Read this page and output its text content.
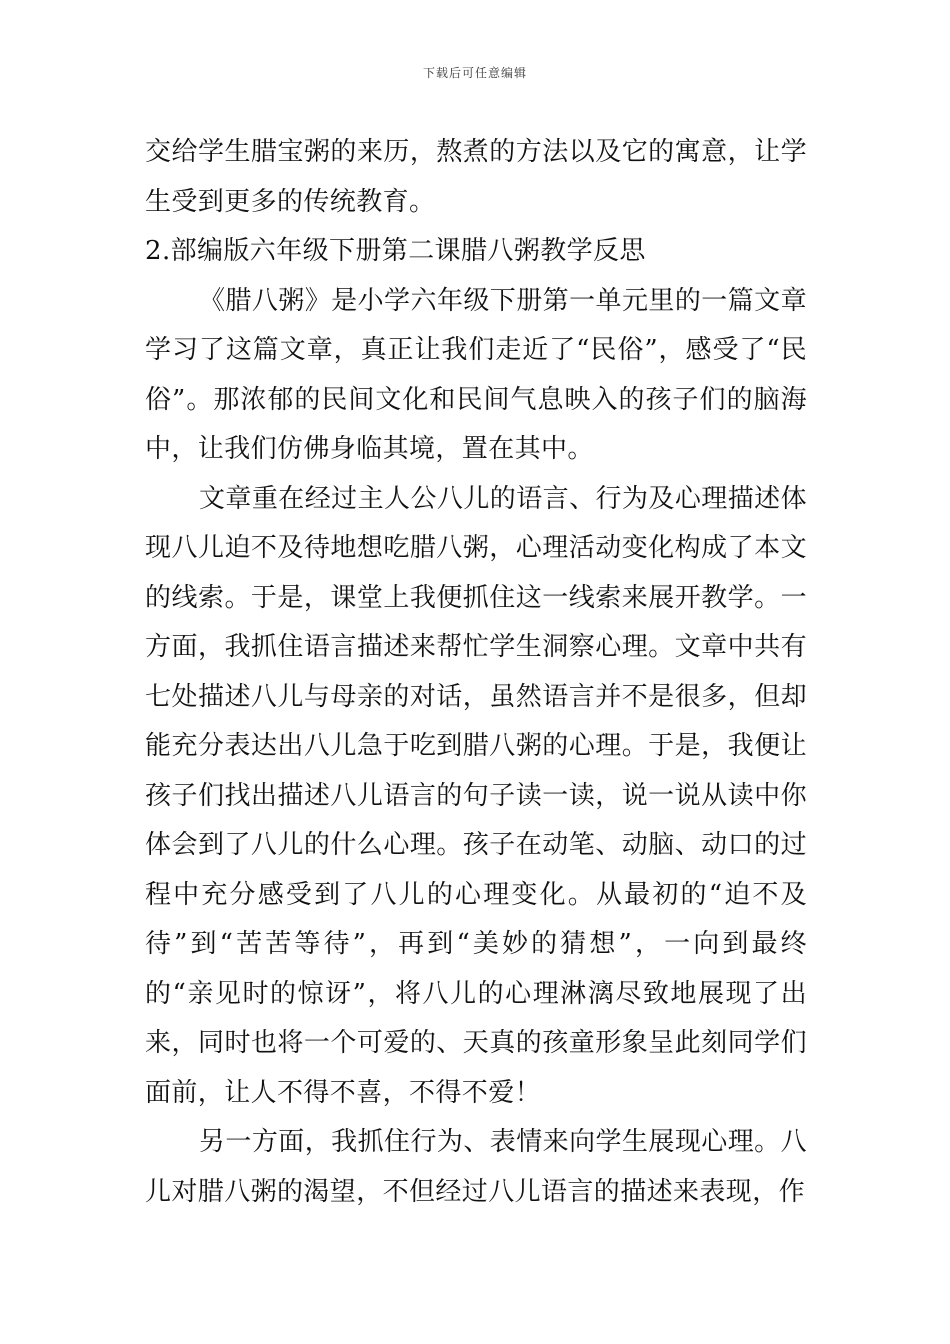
下载后可任意编辑

交给学生腊宝粥的来历，熬煮的方法以及它的寓意，让学生受到更多的传统教育。

2.部编版六年级下册第二课腊八粥教学反思

《腊八粥》是小学六年级下册第一单元里的一篇文章学习了这篇文章，真正让我们走近了“民俗”，感受了“民俗”。那浓郁的民间文化和民间气息映入的孩子们的脑海中，让我们仿佛身临其境，置在其中。

文章重在经过主人公八儿的语言、行为及心理描述体现八儿迫不及待地想吃腊八粥，心理活动变化构成了本文的线索。于是，课堂上我便抓住这一线索来展开教学。一方面，我抓住语言描述来帮忙学生洞察心理。文章中共有七处描述八儿与母亲的对话，虽然语言并不是很多，但却能充分表达出八儿急于吃到腊八粥的心理。于是，我便让孩子们找出描述八儿语言的句子读一读，说一说从读中你体会到了八儿的什么心理。孩子在动笔、动脑、动口的过程中充分感受到了八儿的心理变化。从最初的“迫不及待”到“苦苦等待”，再到“美妙的猜想”，一向到最终的“亲见时的惊讶”，将八儿的心理淋漓尽致地展现了出来，同时也将一个可爱的、天真的孩童形象呈此刻同学们面前，让人不得不喜，不得不爱！

另一方面，我抓住行为、表情来向学生展现心理。八儿对腊八粥的渴望，不但经过八儿语言的描述来表现，作
